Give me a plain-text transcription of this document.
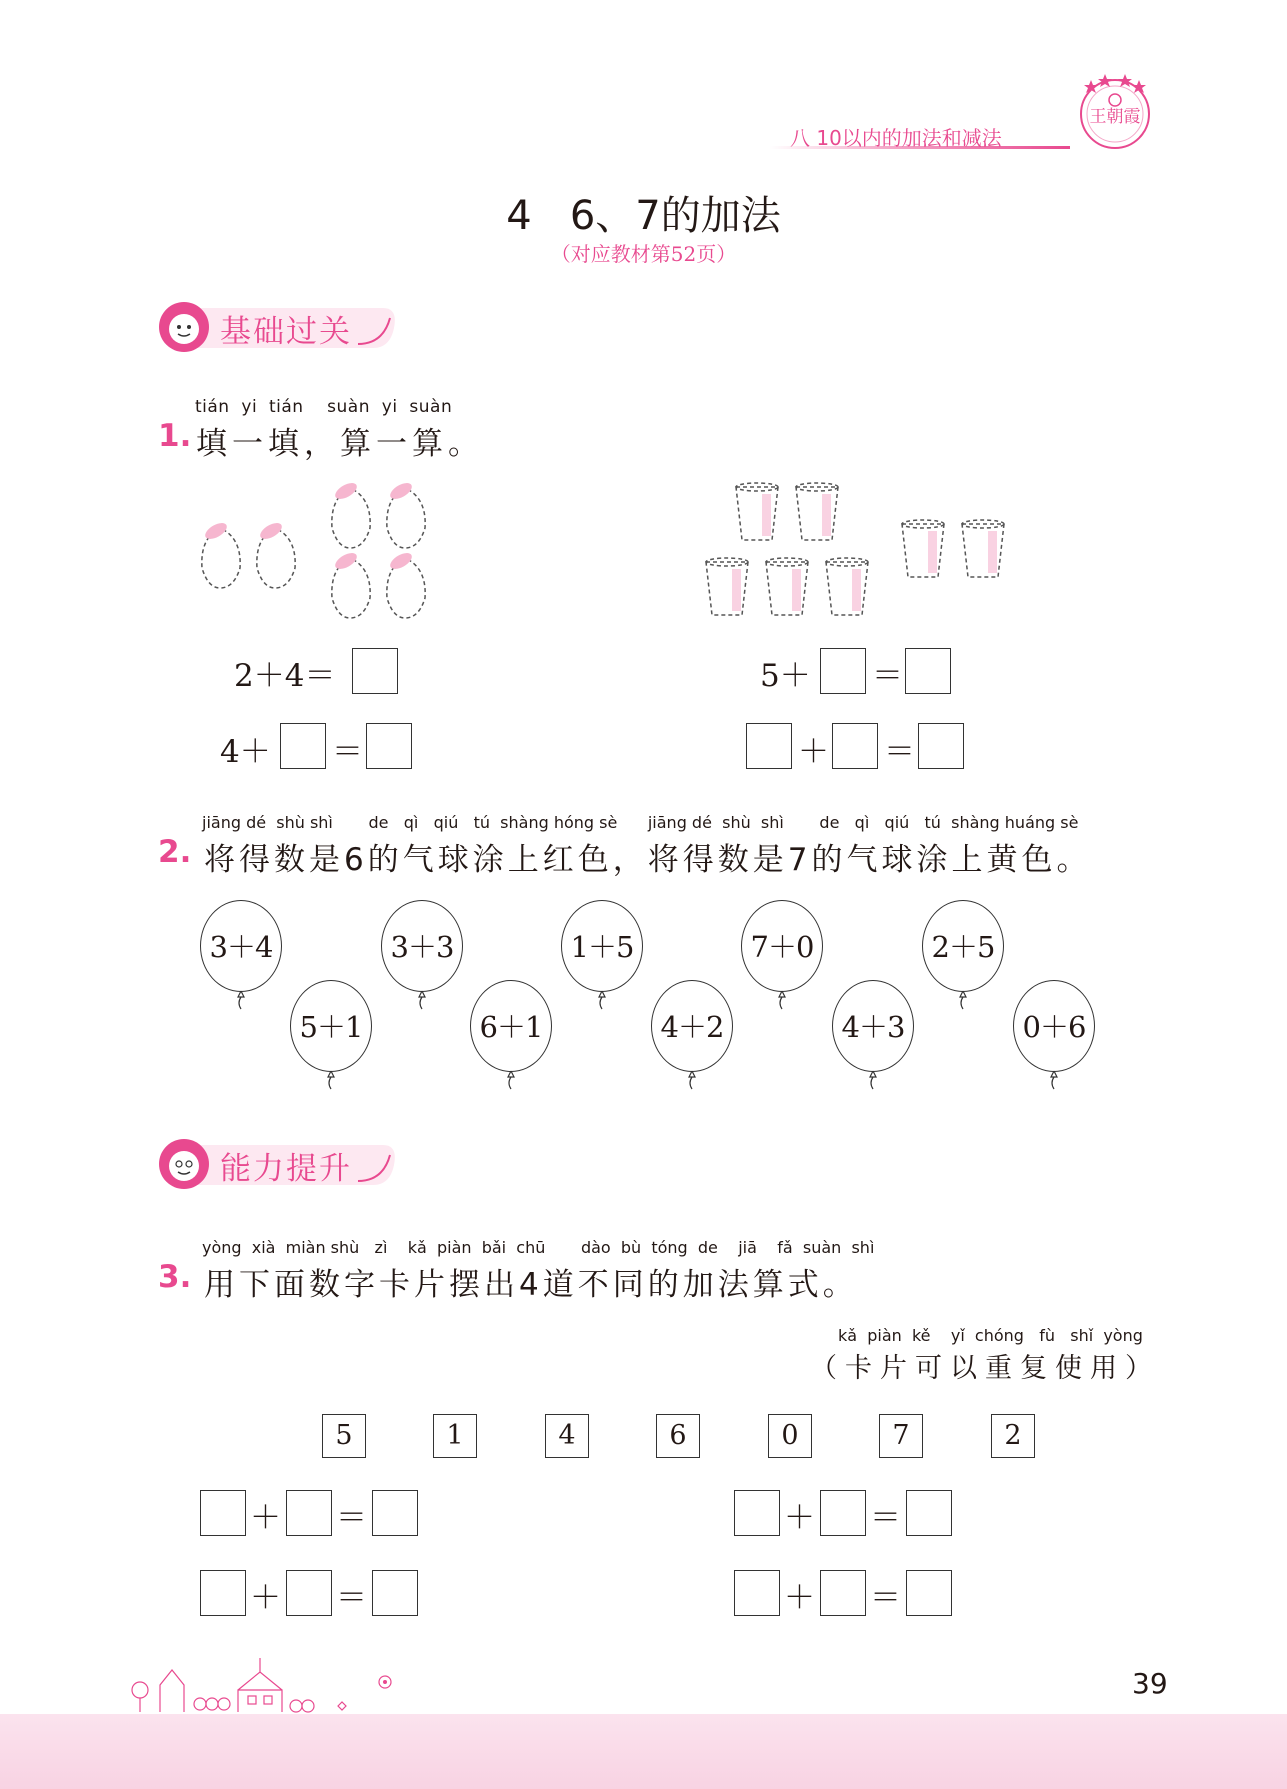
八 10以内的加法和减法
王朝霞
4   6、7的加法
（对应教材第52页）
基础过关
tián  yi  tián    suàn  yi  suàn
1. 填一填，算一算。
2＋4＝
4＋ ＝
5＋ ＝
＋ ＝
jiāng dé  shù shì       de   qì   qiú   tú  shàng hóng sè      jiāng dé  shù  shì       de   qì   qiú   tú  shàng huáng sè
2. 将得数是6的气球涂上红色，将得数是7的气球涂上黄色。
3＋4	3＋3	1＋5	7＋0	2＋5
5＋1	6＋1	4＋2	4＋3	0＋6
能力提升
yòng  xià  miàn shù   zì    kǎ  piàn  bǎi  chū       dào  bù  tóng  de    jiā    fǎ  suàn  shì
3. 用下面数字卡片摆出4道不同的加法算式。
kǎ  piàn  kě    yǐ  chóng   fù   shǐ  yòng
（卡片可以重复使用）
5	1	4	6	0	7	2
＋ ＝
＋ ＝
＋ ＝
＋ ＝
39
